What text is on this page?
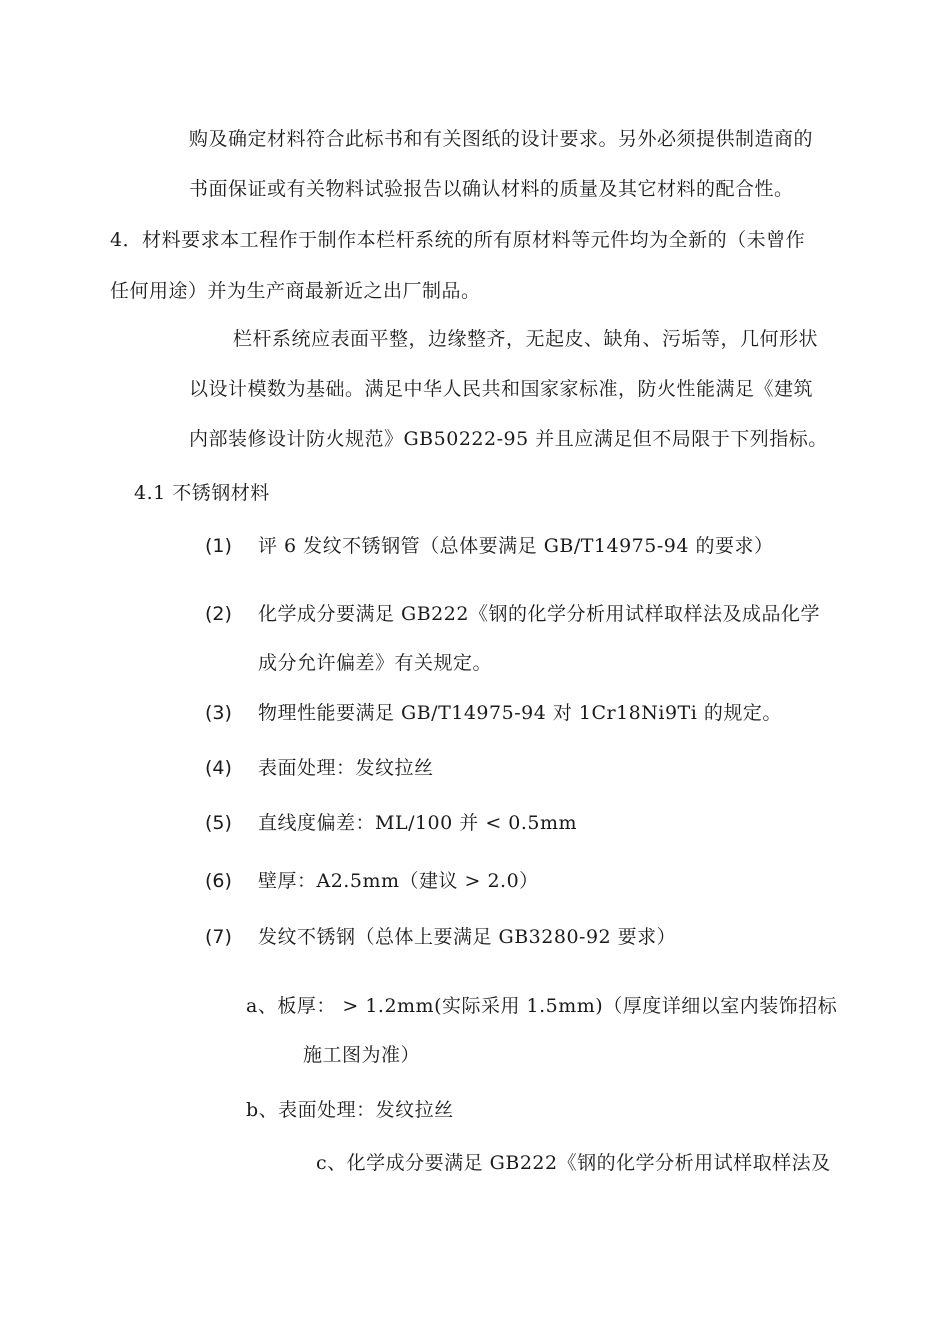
购及确定材料符合此标书和有关图纸的设计要求。另外必须提供制造商的
书面保证或有关物料试验报告以确认材料的质量及其它材料的配合性。
4．材料要求本工程作于制作本栏杆系统的所有原材料等元件均为全新的（未曾作
任何用途）并为生产商最新近之出厂制品。
栏杆系统应表面平整，边缘整齐，无起皮、缺角、污垢等，几何形状
以设计模数为基础。满足中华人民共和国家家标准，防火性能满足《建筑
内部装修设计防火规范》GB50222-95 并且应满足但不局限于下列指标。
4.1 不锈钢材料
(1) 评 6 发纹不锈钢管（总体要满足 GB/T14975-94 的要求）
(2) 化学成分要满足 GB222《钢的化学分析用试样取样法及成品化学
成分允许偏差》有关规定。
(3) 物理性能要满足 GB/T14975-94 对 1Cr18Ni9Ti 的规定。
(4) 表面处理：发纹拉丝
(5) 直线度偏差：ML/100 并 < 0.5mm
(6) 壁厚：A2.5mm（建议 > 2.0）
(7) 发纹不锈钢（总体上要满足 GB3280-92 要求）
a、板厚： > 1.2mm(实际采用 1.5mm)（厚度详细以室内装饰招标
施工图为准）
b、表面处理：发纹拉丝
c、化学成分要满足 GB222《钢的化学分析用试样取样法及
